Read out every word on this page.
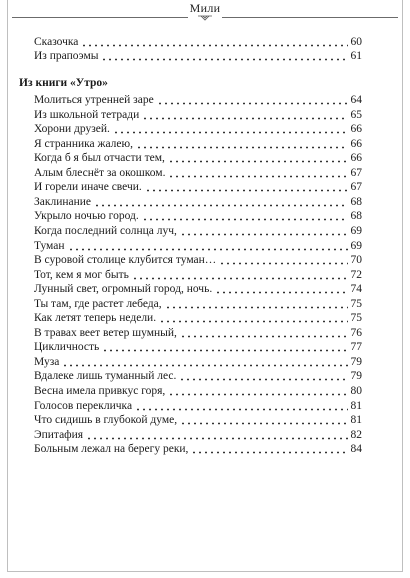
Мили
Сказочка	60
Из прапоэмы	61
Из книги «Утро»
Молиться утренней заре	64
Из школьной тетради	65
Хорони друзей.	66
Я странника жалею,	66
Когда б я был отчасти тем,	66
Алым блеснёт за окошком.	67
И горели иначе свечи.	67
Заклинание	68
Укрыло ночью город.	68
Когда последний солнца луч,	69
Туман	69
В суровой столице клубится туман…	70
Тот, кем я мог быть	72
Лунный свет, огромный город, ночь.	74
Ты там, где растет лебеда,	75
Как летят теперь недели.	75
В травах веет ветер шумный,	76
Цикличность	77
Муза	79
Вдалеке лишь туманный лес.	79
Весна имела привкус горя,	80
Голосов перекличка	81
Что сидишь в глубокой думе,	81
Эпитафия	82
Больным лежал на берегу реки,	84
